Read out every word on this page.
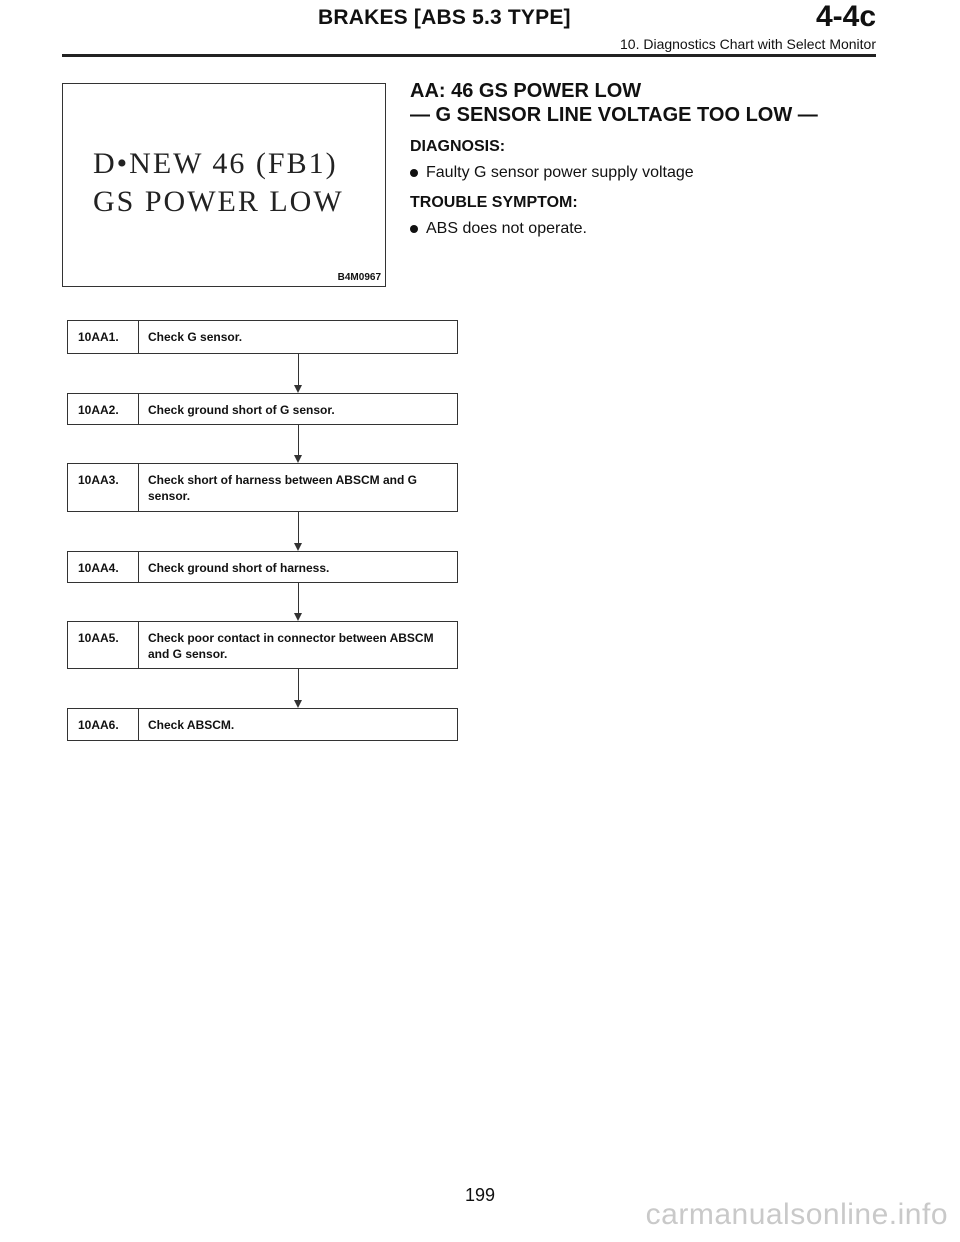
BRAKES [ABS 5.3 TYPE]	4-4c
10. Diagnostics Chart with Select Monitor
D•NEW 46 (FB1)
GS POWER LOW
B4M0967
AA: 46 GS POWER LOW
— G SENSOR LINE VOLTAGE TOO LOW —
DIAGNOSIS:
Faulty G sensor power supply voltage
TROUBLE SYMPTOM:
ABS does not operate.
10AA1.	Check G sensor.
10AA2.	Check ground short of G sensor.
10AA3.	Check short of harness between ABSCM and G sensor.
10AA4.	Check ground short of harness.
10AA5.	Check poor contact in connector between ABSCM and G sensor.
10AA6.	Check ABSCM.
199
carmanualsonline.info
